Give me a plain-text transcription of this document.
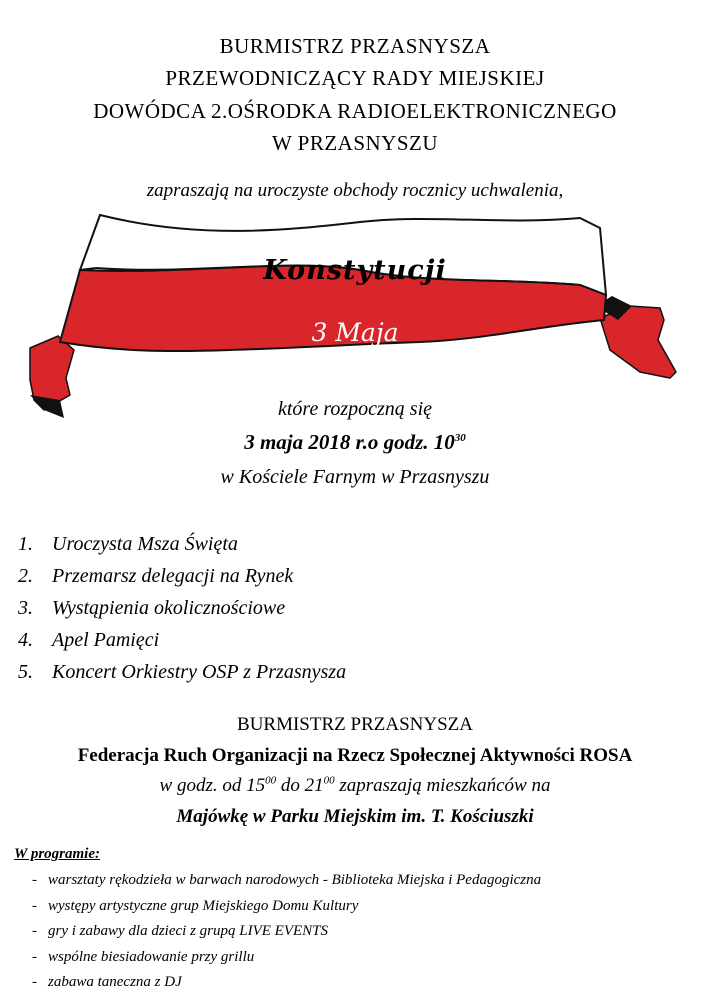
BURMISTRZ PRZASNYSZA
PRZEWODNICZĄCY RADY MIEJSKIEJ
DOWÓDCA 2.OŚRODKA RADIOELEKTRONICZNEGO
W PRZASNYSZU
zapraszają na uroczyste obchody rocznicy uchwalenia,
Konstytucji
3 Maja
które rozpoczną się
3 maja 2018 r.o godz. $10^{30}$
w Kościele Farnym w Przasnyszu
1. Uroczysta Msza Święta
2. Przemarsz delegacji na Rynek
3. Wystąpienia okolicznościowe
4. Apel Pamięci
5. Koncert Orkiestry OSP z Przasnysza
BURMISTRZ PRZASNYSZA
Federacja Ruch Organizacji na Rzecz Społecznej Aktywności ROSA
w godz. od $15^{00}$ do $21^{00}$ zapraszają mieszkańców na
Majówkę w Parku Miejskim im. T. Kościuszki
W programie:
- warsztaty rękodzieła w barwach narodowych - Biblioteka Miejska i Pedagogiczna
- występy artystyczne grup Miejskiego Domu Kultury
- gry i zabawy dla dzieci z grupą LIVE EVENTS
- wspólne biesiadowanie przy grillu
- zabawa taneczna z DJ
